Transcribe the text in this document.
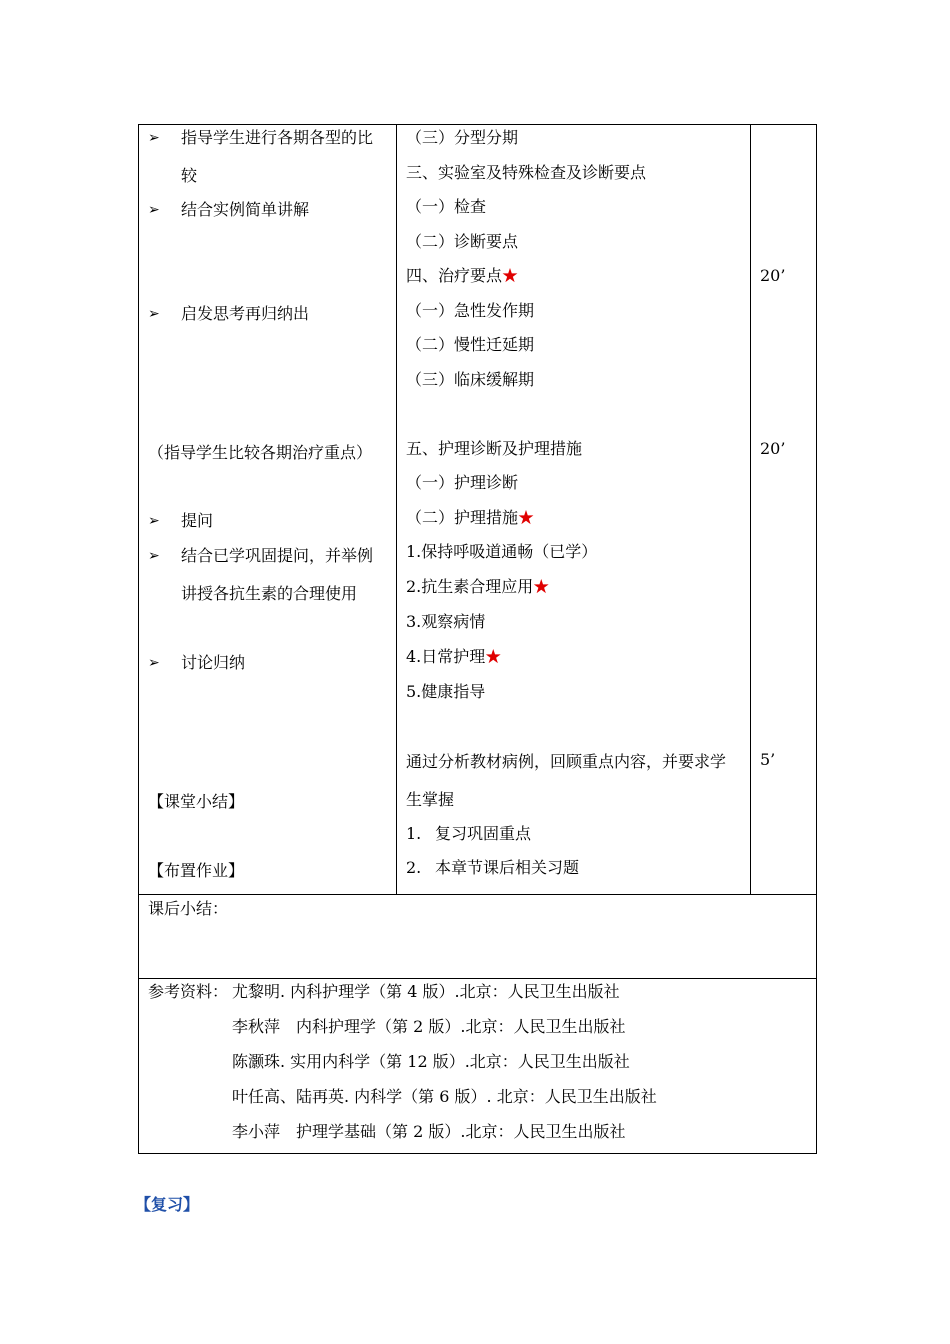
➢ 指导学生进行各期各型的比
较
➢ 结合实例简单讲解
➢ 启发思考再归纳出
（指导学生比较各期治疗重点）
➢ 提问
➢ 结合已学巩固提问，并举例
讲授各抗生素的合理使用
➢ 讨论归纳
【课堂小结】
【布置作业】
（三）分型分期
三、实验室及特殊检查及诊断要点
（一）检查
（二）诊断要点
四、治疗要点★
（一）急性发作期
（二）慢性迁延期
（三）临床缓解期
五、护理诊断及护理措施
（一）护理诊断
（二）护理措施★
1.保持呼吸道通畅（已学）
2.抗生素合理应用★
3.观察病情
4.日常护理★
5.健康指导
通过分析教材病例，回顾重点内容，并要求学
生掌握
1. 复习巩固重点
2. 本章节课后相关习题
20’
20’
5’
课后小结：
参考资料： 尤黎明. 内科护理学（第 4 版）.北京：人民卫生出版社
李秋萍　内科护理学（第 2 版）.北京：人民卫生出版社
陈灏珠. 实用内科学（第 12 版）.北京：人民卫生出版社
叶任高、陆再英. 内科学（第 6 版）. 北京：人民卫生出版社
李小萍　护理学基础（第 2 版）.北京：人民卫生出版社
【复习】
